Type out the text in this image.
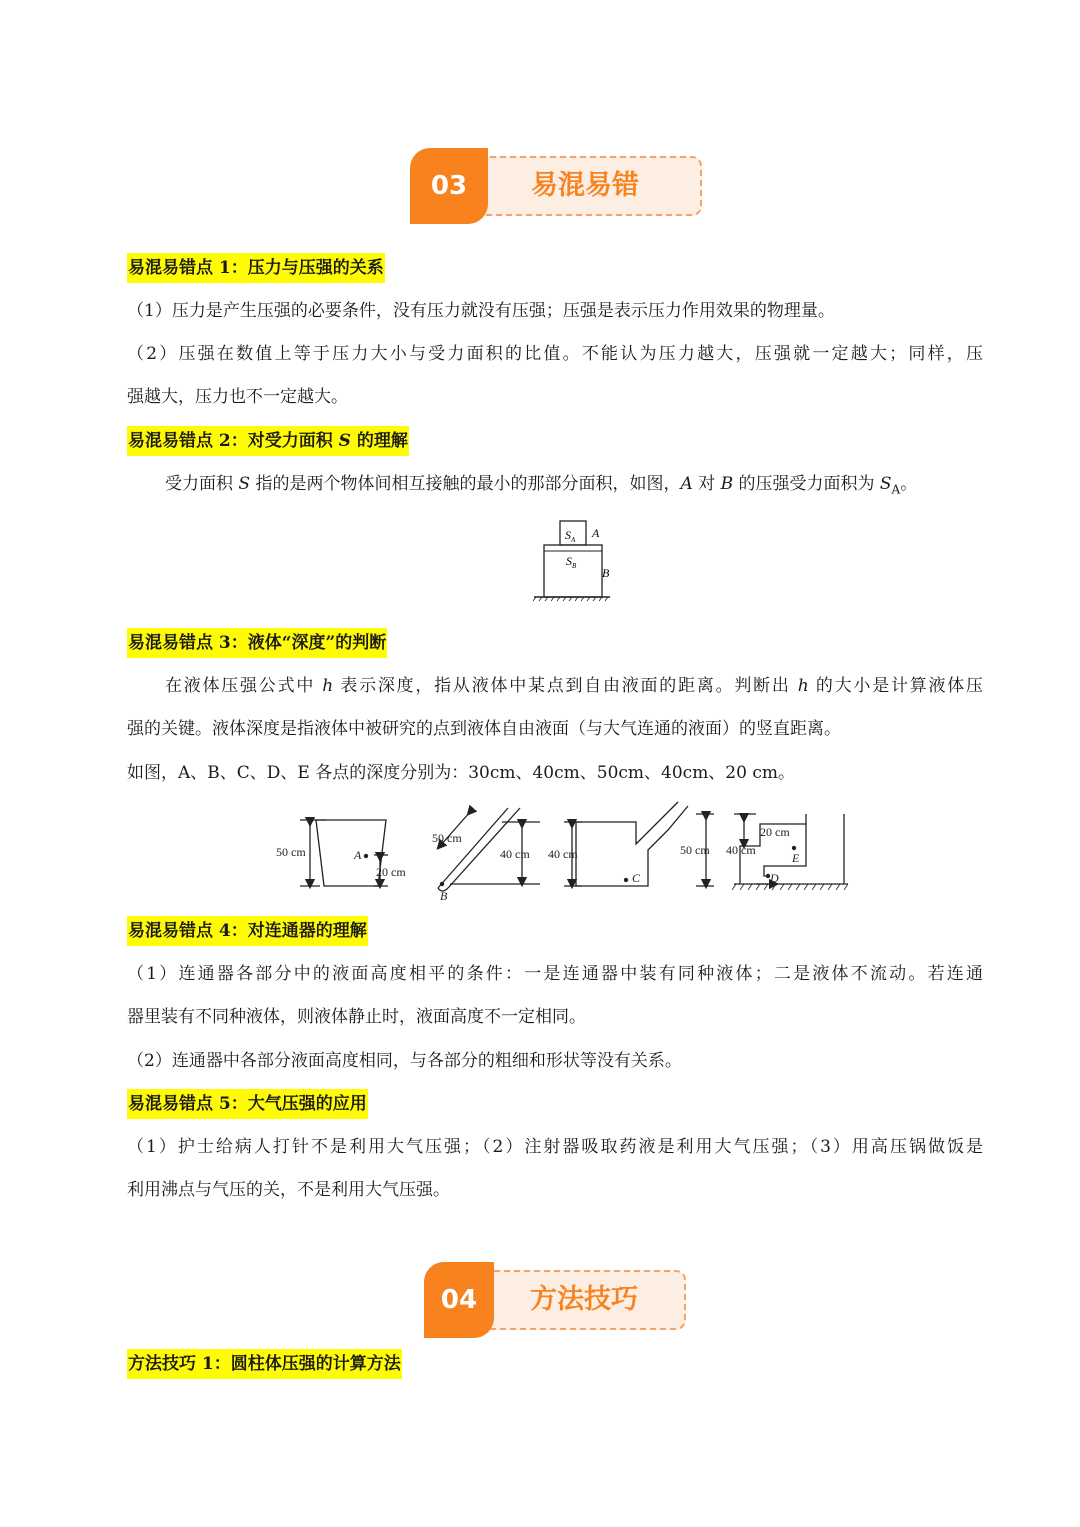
易混易错
03
易混易错点 1：压力与压强的关系
（1）压力是产生压强的必要条件，没有压力就没有压强；压强是表示压力作用效果的物理量。
（2）压强在数值上等于压力大小与受力面积的比值。不能认为压力越大，压强就一定越大；同样，压
强越大，压力也不一定越大。
易混易错点 2：对受力面积 S 的理解
受力面积 S 指的是两个物体间相互接触的最小的那部分面积，如图，A 对 B 的压强受力面积为 $S_A$。
$S_A$ A
$S_B$ B
易混易错点 3：液体“深度”的判断
在液体压强公式中 h 表示深度，指从液体中某点到自由液面的距离。判断出 h 的大小是计算液体压
强的关键。液体深度是指液体中被研究的点到液体自由液面（与大气连通的液面）的竖直距离。
如图，A、B、C、D、E 各点的深度分别为：30cm、40cm、50cm、40cm、20 cm。
50 cm	A
20 cm
50 cm
40 cm
B
40 cm
C
50 cm 40 cm
20 cm
E
D
易混易错点 4：对连通器的理解
（1）连通器各部分中的液面高度相平的条件：一是连通器中装有同种液体；二是液体不流动。若连通
器里装有不同种液体，则液体静止时，液面高度不一定相同。
（2）连通器中各部分液面高度相同，与各部分的粗细和形状等没有关系。
易混易错点 5：大气压强的应用
（1）护士给病人打针不是利用大气压强；（2）注射器吸取药液是利用大气压强；（3）用高压锅做饭是
利用沸点与气压的关，不是利用大气压强。
方法技巧
04
方法技巧 1：圆柱体压强的计算方法
